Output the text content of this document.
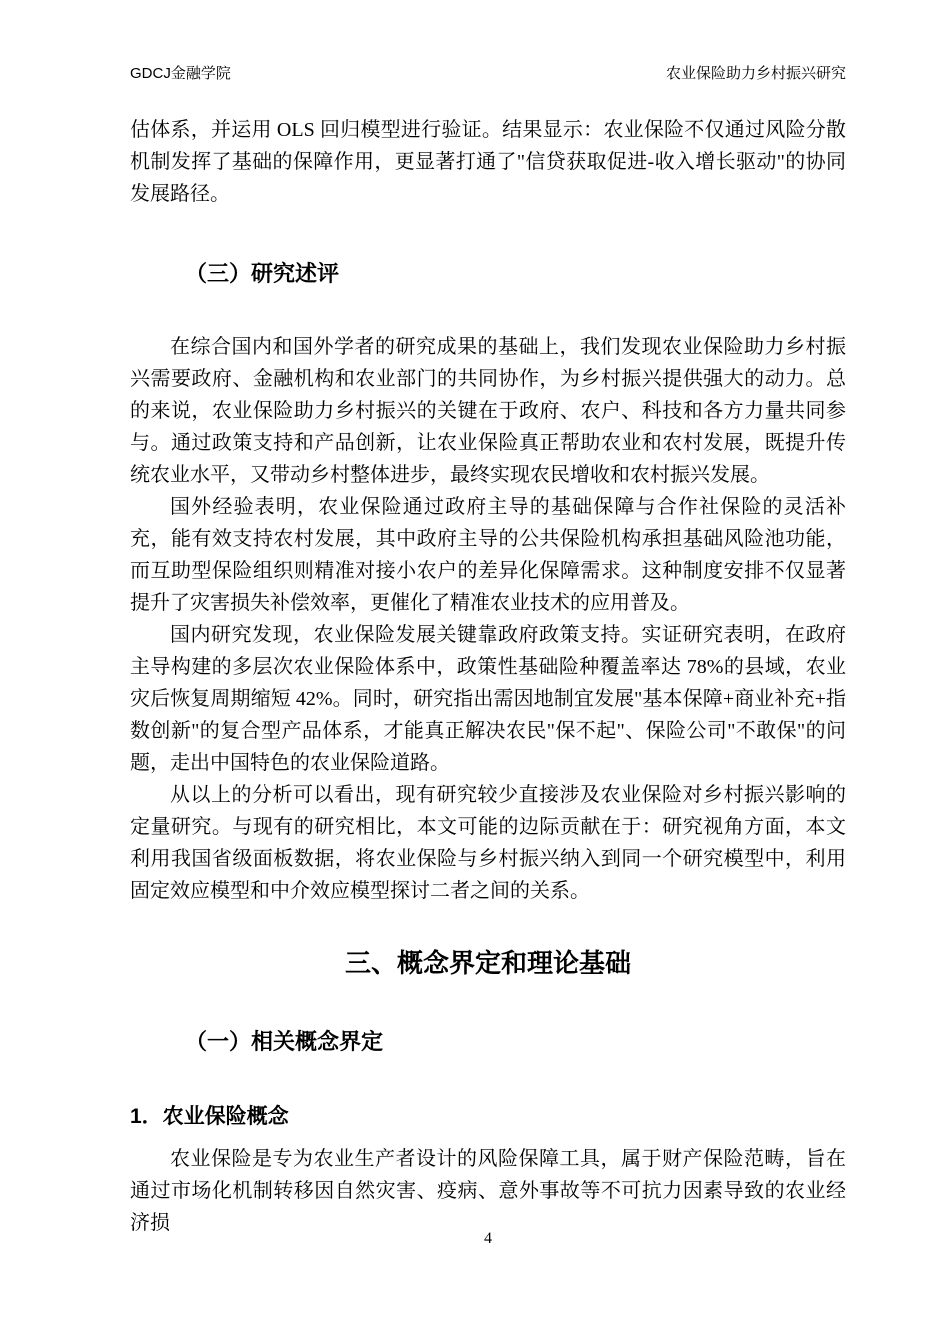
GDCJ金融学院	农业保险助力乡村振兴研究

估体系，并运用 OLS 回归模型进行验证。结果显示：农业保险不仅通过风险分散机制发挥了基础的保障作用，更显著打通了"信贷获取促进-收入增长驱动"的协同发展路径。

（三）研究述评

在综合国内和国外学者的研究成果的基础上，我们发现农业保险助力乡村振兴需要政府、金融机构和农业部门的共同协作，为乡村振兴提供强大的动力。总的来说，农业保险助力乡村振兴的关键在于政府、农户、科技和各方力量共同参与。通过政策支持和产品创新，让农业保险真正帮助农业和农村发展，既提升传统农业水平，又带动乡村整体进步，最终实现农民增收和农村振兴发展。

国外经验表明，农业保险通过政府主导的基础保障与合作社保险的灵活补充，能有效支持农村发展，其中政府主导的公共保险机构承担基础风险池功能，而互助型保险组织则精准对接小农户的差异化保障需求。这种制度安排不仅显著提升了灾害损失补偿效率，更催化了精准农业技术的应用普及。

国内研究发现，农业保险发展关键靠政府政策支持。实证研究表明，在政府主导构建的多层次农业保险体系中，政策性基础险种覆盖率达 78%的县域，农业灾后恢复周期缩短 42%。同时，研究指出需因地制宜发展"基本保障+商业补充+指数创新"的复合型产品体系，才能真正解决农民"保不起"、保险公司"不敢保"的问题，走出中国特色的农业保险道路。

从以上的分析可以看出，现有研究较少直接涉及农业保险对乡村振兴影响的定量研究。与现有的研究相比，本文可能的边际贡献在于：研究视角方面，本文利用我国省级面板数据，将农业保险与乡村振兴纳入到同一个研究模型中，利用固定效应模型和中介效应模型探讨二者之间的关系。

三、概念界定和理论基础
（一）相关概念界定
1．农业保险概念

农业保险是专为农业生产者设计的风险保障工具，属于财产保险范畴，旨在通过市场化机制转移因自然灾害、疫病、意外事故等不可抗力因素导致的农业经济损

4
